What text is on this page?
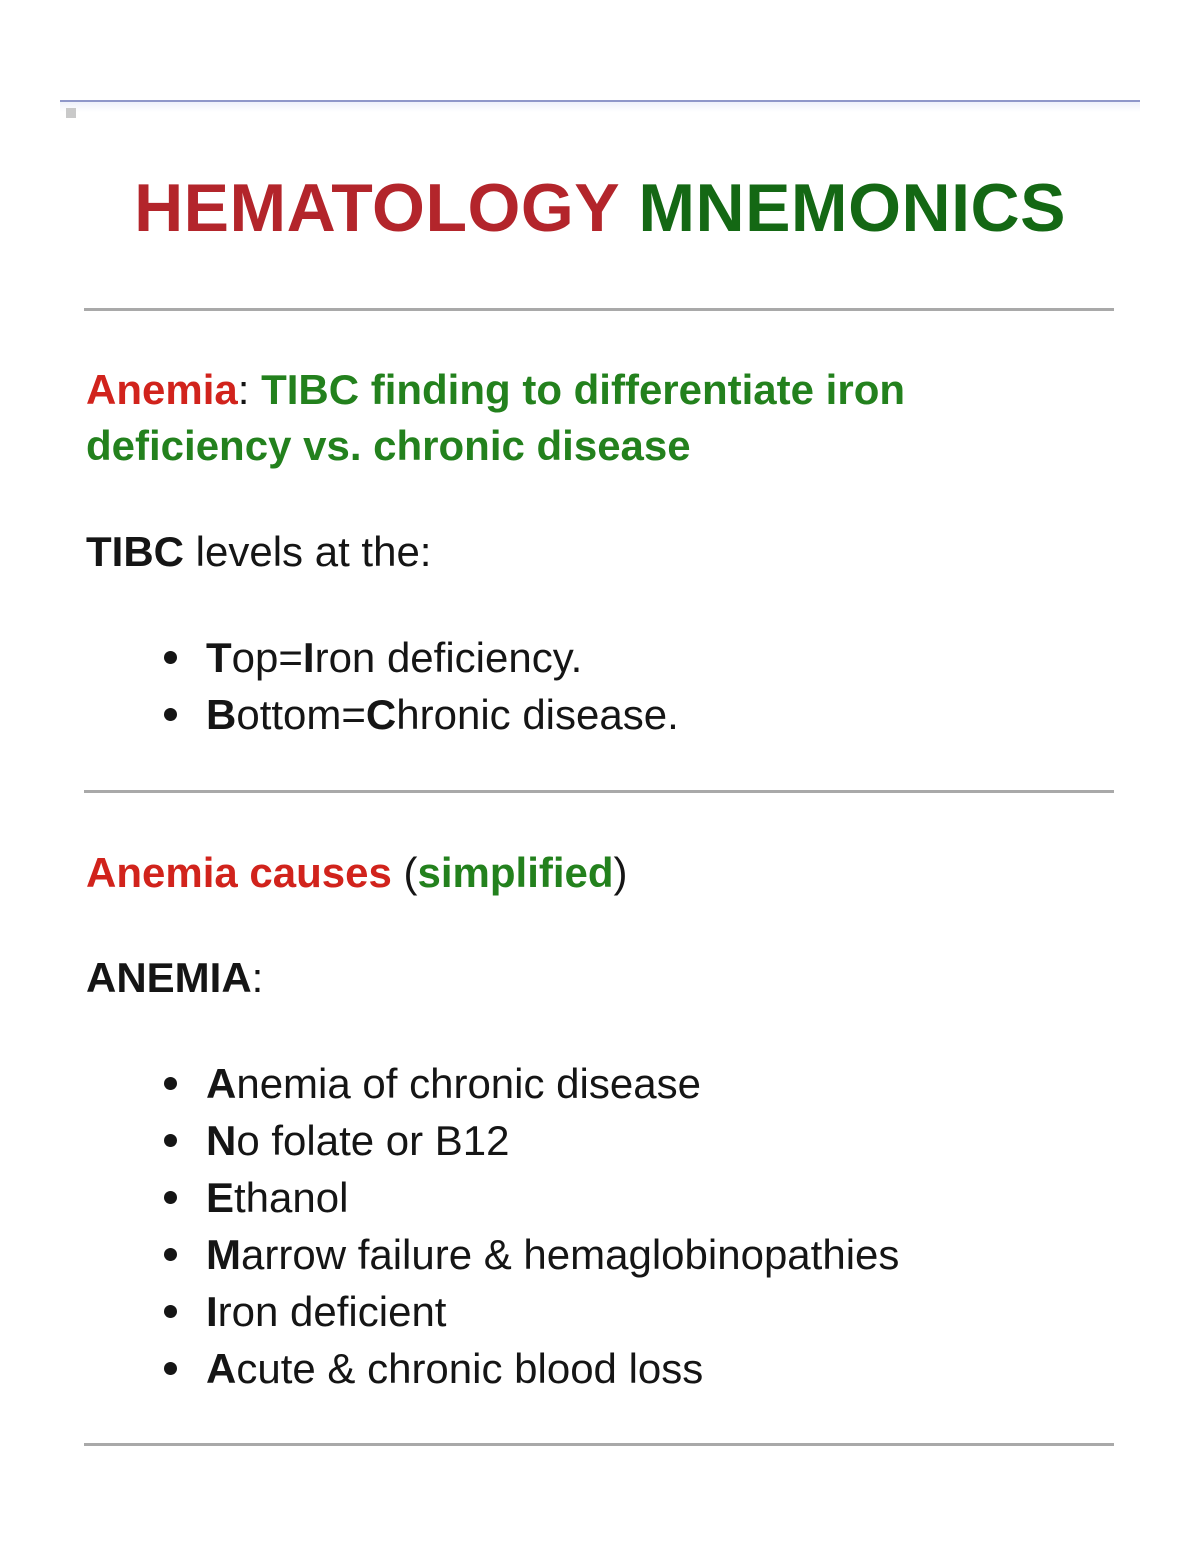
HEMATOLOGY MNEMONICS
Anemia: TIBC finding to differentiate iron deficiency vs. chronic disease

TIBC levels at the:

Top=Iron deficiency.
Bottom=Chronic disease.
Anemia causes (simplified)

ANEMIA:

Anemia of chronic disease
No folate or B12
Ethanol
Marrow failure & hemaglobinopathies
Iron deficient
Acute & chronic blood loss
